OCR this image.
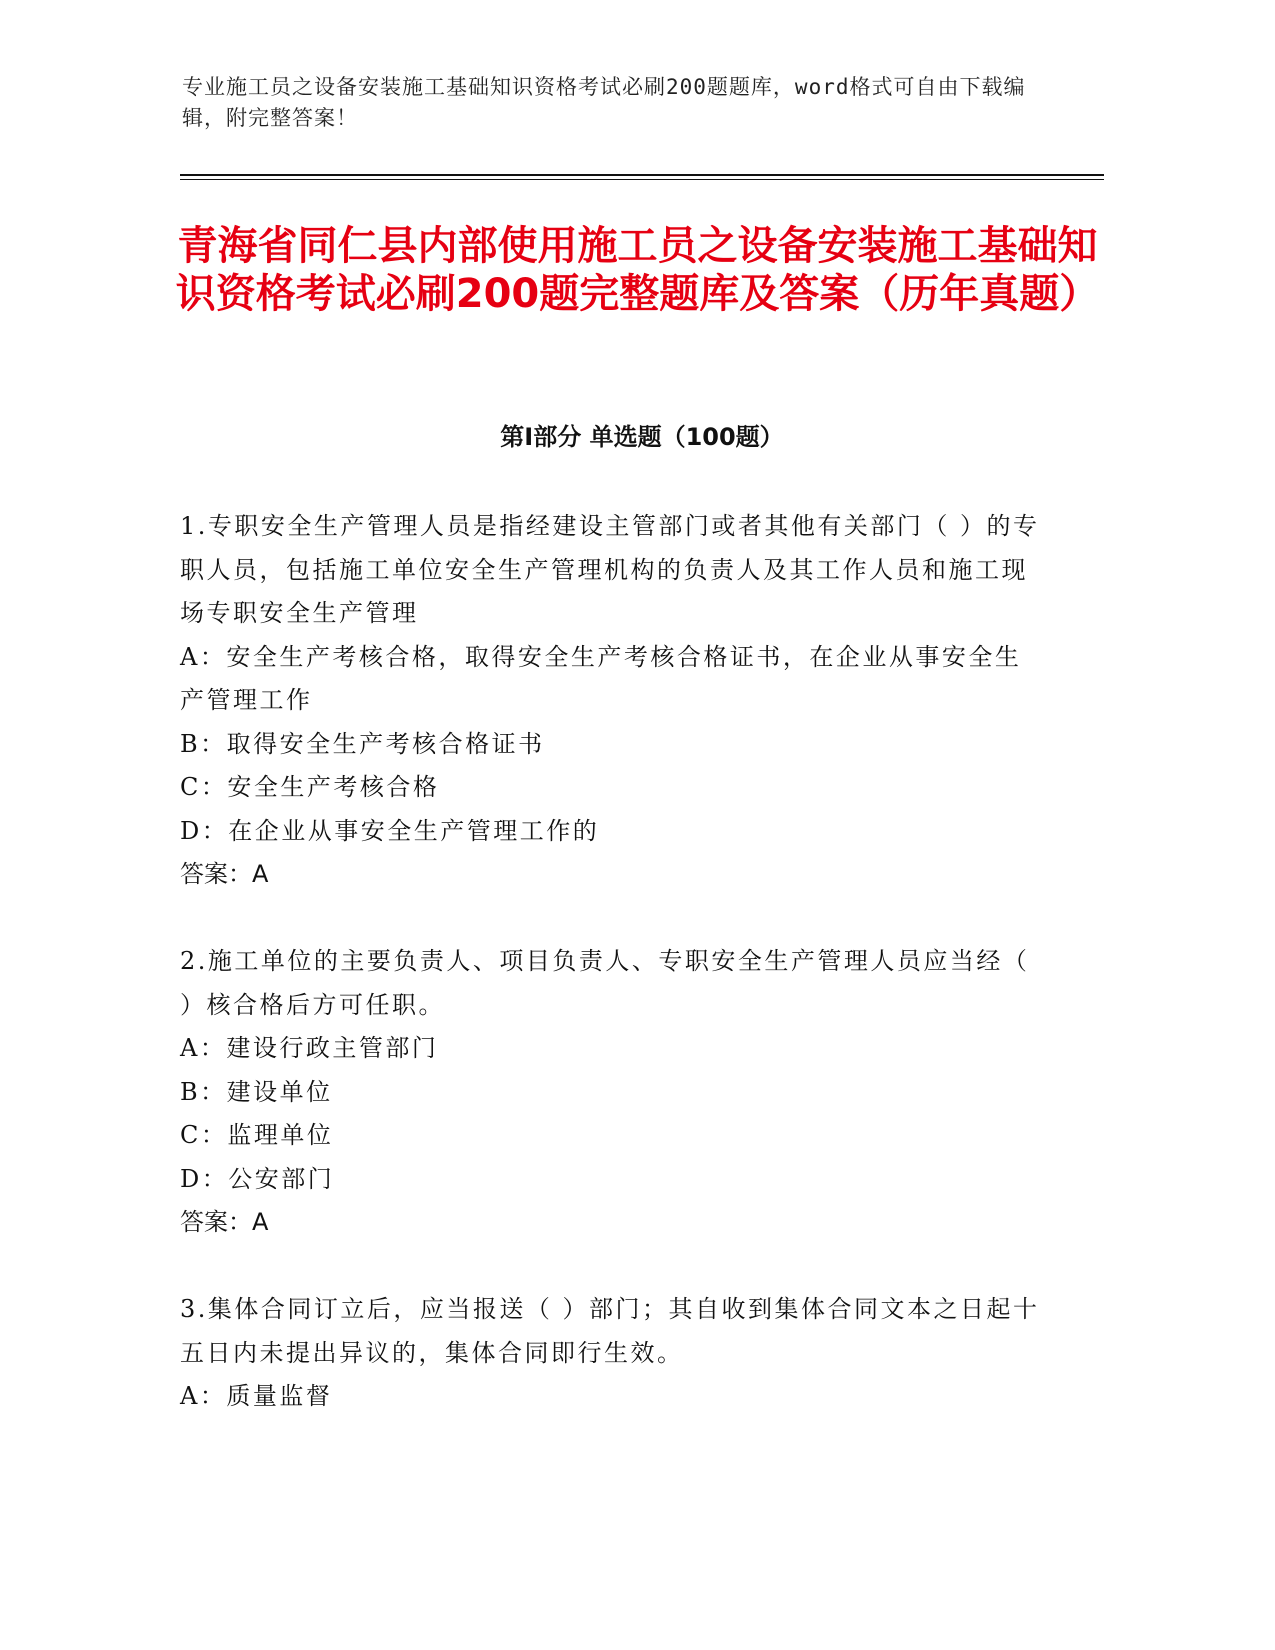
专业施工员之设备安装施工基础知识资格考试必刷200题题库，word格式可自由下载编辑，附完整答案！
青海省同仁县内部使用施工员之设备安装施工基础知识资格考试必刷200题完整题库及答案（历年真题）
第Ⅰ部分 单选题（100题）
1.专职安全生产管理人员是指经建设主管部门或者其他有关部门（ ）的专职人员，包括施工单位安全生产管理机构的负责人及其工作人员和施工现场专职安全生产管理
A：安全生产考核合格，取得安全生产考核合格证书，在企业从事安全生产管理工作
B：取得安全生产考核合格证书
C：安全生产考核合格
D：在企业从事安全生产管理工作的
答案：A
2.施工单位的主要负责人、项目负责人、专职安全生产管理人员应当经（ ）核合格后方可任职。
A：建设行政主管部门
B：建设单位
C：监理单位
D：公安部门
答案：A
3.集体合同订立后，应当报送（ ）部门；其自收到集体合同文本之日起十五日内未提出异议的，集体合同即行生效。
A：质量监督
